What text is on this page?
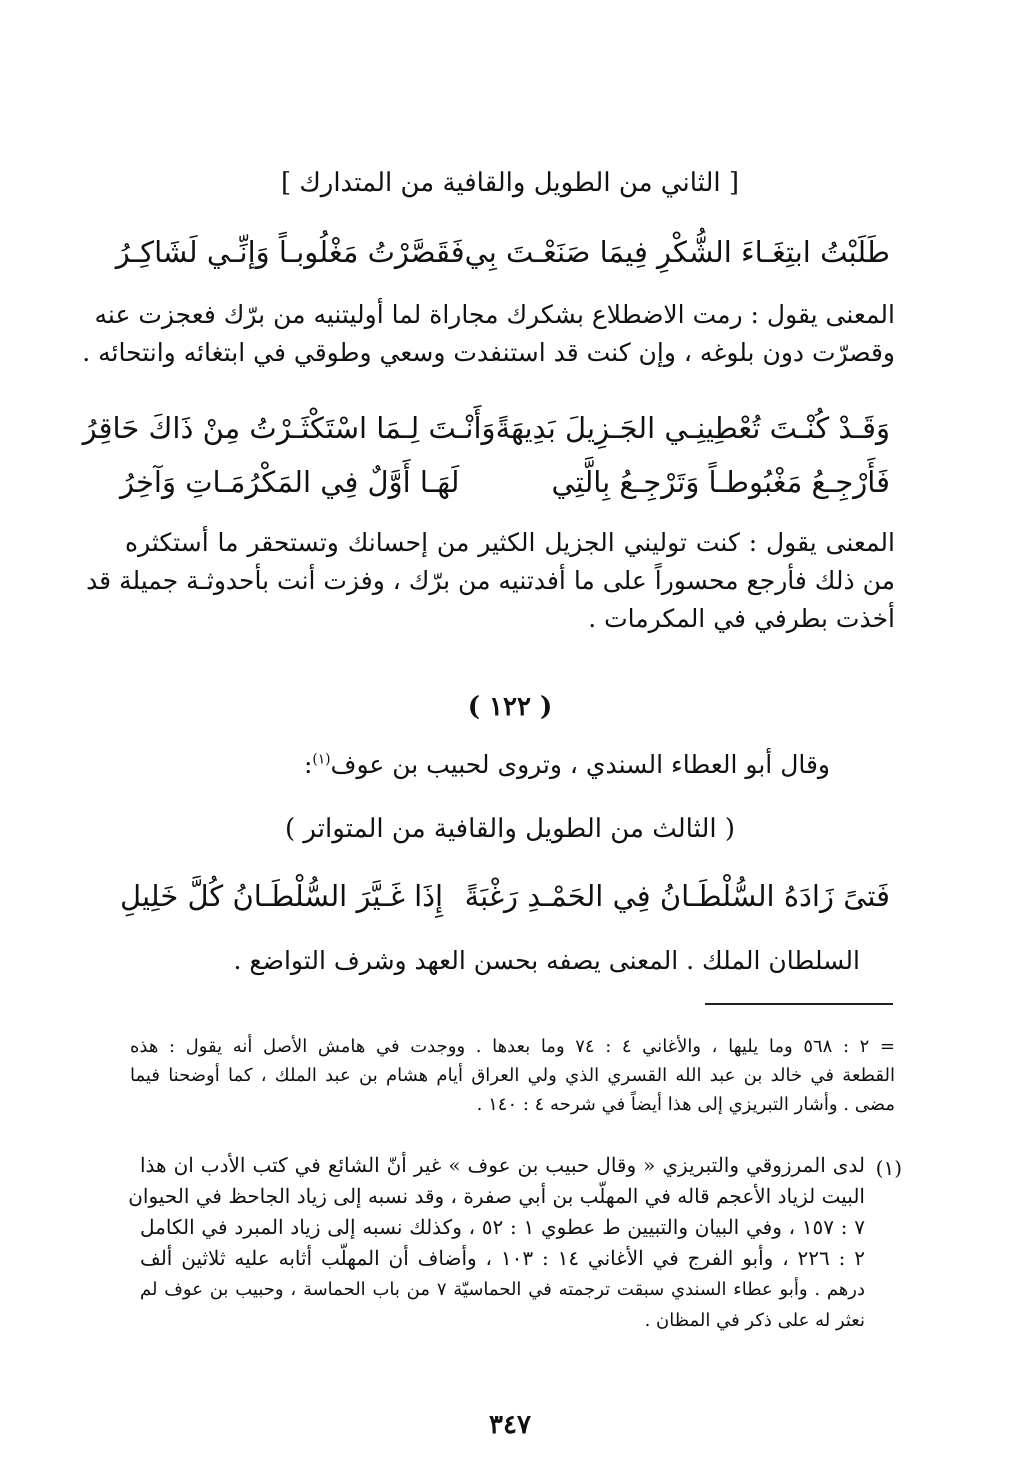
[ الثاني من الطويل والقافية من المتدارك ]
طَلَبْتُ ابتِغَـاءَ الشُّكْرِ فِيمَا صَنَعْـتَ بِي
فَقَصَّرْتُ مَغْلُوبـاً وَإنِّـي لَشَاكِـرُ
المعنى يقول : رمت الاضطلاع بشكرك مجاراة لما أوليتنيه من برّك فعجزت عنه
وقصرّت دون بلوغه ، وإن كنت قد استنفدت وسعي وطوقي في ابتغائه وانتحائه .
وَقَـدْ كُنْـتَ تُعْطِينِـي الجَـزِيلَ بَدِيهَةً
وَأَنْـتَ لِـمَا اسْتَكْثَـرْتُ مِنْ ذَاكَ حَاقِرُ
فَأَرْجِـعُ مَغْبُوطـاً وَتَرْجِـعُ بِالَّتِي
لَهَـا أَوَّلٌ فِي المَكْرُمَـاتِ وَآخِرُ
المعنى يقول : كنت توليني الجزيل الكثير من إحسانك وتستحقر ما أستكثره
من ذلك فأرجع محسوراً على ما أفدتنيه من برّك ، وفزت أنت بأحدوثـة جميلة قد
أخذت بطرفي في المكرمات .
( ١٢٢ )
وقال أبو العطاء السندي ، وتروى لحبيب بن عوف$^{(١)}$:
( الثالث من الطويل والقافية من المتواتر )
فَتىً زَادَهُ السُّلْطَـانُ فِي الحَمْـدِ رَغْبَةً
إِذَا غَـيَّرَ السُّلْطَـانُ كُلَّ خَلِيلِ
السلطان الملك . المعنى يصفه بحسن العهد وشرف التواضع .
= ٢ : ٥٦٨ وما يليها ، والأغاني ٤ : ٧٤ وما بعدها . ووجدت في هامش الأصل أنه يقول : هذه
القطعة في خالد بن عبد الله القسري الذي ولي العراق أيام هشام بن عبد الملك ، كما أوضحنا فيما
مضى . وأشار التبريزي إلى هذا أيضاً في شرحه ٤ : ١٤٠ .
(١)
لدى المرزوقي والتبريزي « وقال حبيب بن عوف » غير أنّ الشائع في كتب الأدب ان هذا
البيت لزياد الأعجم قاله في المهلّب بن أبي صفرة ، وقد نسبه إلى زياد الجاحظ في الحيوان
٧ : ١٥٧ ، وفي البيان والتبيين ط عطوي ١ : ٥٢ ، وكذلك نسبه إلى زياد المبرد في الكامل
٢ : ٢٢٦ ، وأبو الفرج في الأغاني ١٤ : ١٠٣ ، وأضاف أن المهلّب أثابه عليه ثلاثين ألف
درهم . وأبو عطاء السندي سبقت ترجمته في الحماسيّة ٧ من باب الحماسة ، وحبيب بن عوف لم
نعثر له على ذكر في المظان .
٣٤٧
